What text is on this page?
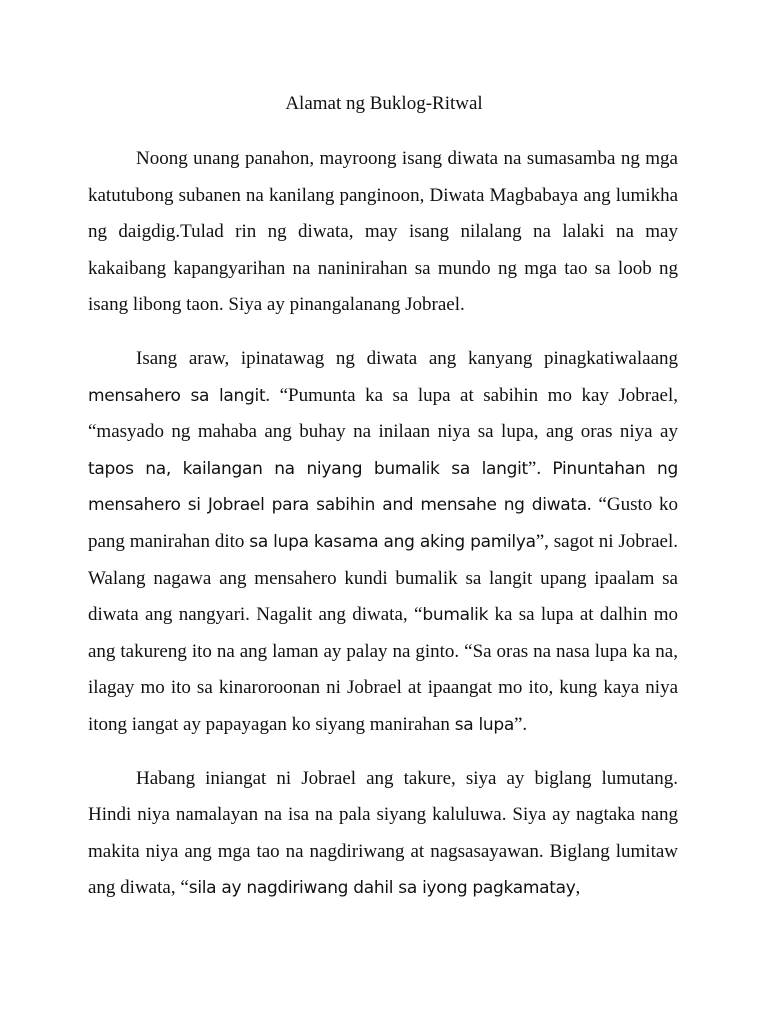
Alamat ng Buklog-Ritwal

Noong unang panahon, mayroong isang diwata na sumasamba ng mga katutubong subanen na kanilang panginoon, Diwata Magbabaya ang lumikha ng daigdig.Tulad rin ng diwata, may isang nilalang na lalaki na may kakaibang kapangyarihan na naninirahan sa mundo ng mga tao sa loob ng isang libong taon. Siya ay pinangalanang Jobrael.

Isang araw, ipinatawag ng diwata ang kanyang pinagkatiwalaang mensahero sa langit. “Pumunta ka sa lupa at sabihin mo kay Jobrael, “masyado ng mahaba ang buhay na inilaan niya sa lupa, ang oras niya ay tapos na, kailangan na niyang bumalik sa langit”. Pinuntahan ng mensahero si Jobrael para sabihin and mensahe ng diwata. “Gusto ko pang manirahan dito sa lupa kasama ang aking pamilya”, sagot ni Jobrael. Walang nagawa ang mensahero kundi bumalik sa langit upang ipaalam sa diwata ang nangyari. Nagalit ang diwata, “bumalik ka sa lupa at dalhin mo ang takureng ito na ang laman ay palay na ginto. “Sa oras na nasa lupa ka na, ilagay mo ito sa kinaroroonan ni Jobrael at ipaangat mo ito, kung kaya niya itong iangat ay papayagan ko siyang manirahan sa lupa”.

Habang iniangat ni Jobrael ang takure, siya ay biglang lumutang. Hindi niya namalayan na isa na pala siyang kaluluwa. Siya ay nagtaka nang makita niya ang mga tao na nagdiriwang at nagsasayawan. Biglang lumitaw ang diwata, “sila ay nagdiriwang dahil sa iyong pagkamatay,
